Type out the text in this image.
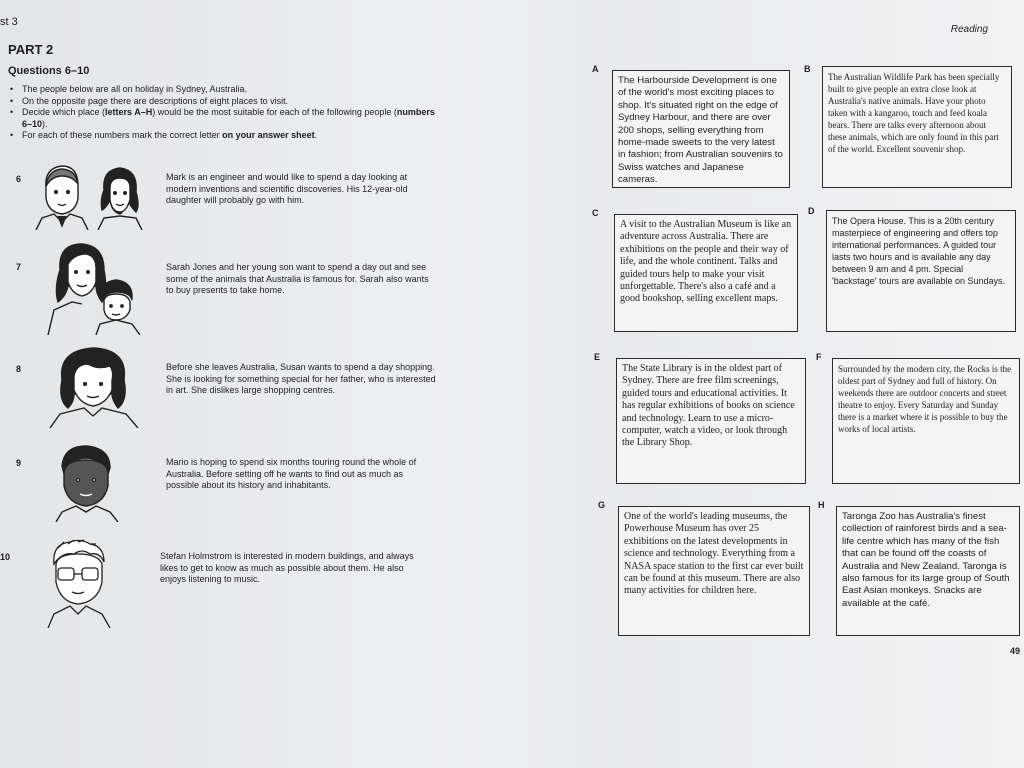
st 3
PART 2
Questions 6–10
• The people below are all on holiday in Sydney, Australia.
• On the opposite page there are descriptions of eight places to visit.
• Decide which place (letters A–H) would be the most suitable for each of the following people (numbers 6–10).
• For each of these numbers mark the correct letter on your answer sheet.
6	Mark is an engineer and would like to spend a day looking at modern inventions and scientific discoveries. His 12-year-old daughter will probably go with him.
7	Sarah Jones and her young son want to spend a day out and see some of the animals that Australia is famous for. Sarah also wants to buy presents to take home.
8	Before she leaves Australia, Susan wants to spend a day shopping. She is looking for something special for her father, who is interested in art. She dislikes large shopping centres.
9	Mario is hoping to spend six months touring round the whole of Australia. Before setting off he wants to find out as much as possible about its history and inhabitants.
10	Stefan Holmstrom is interested in modern buildings, and always likes to get to know as much as possible about them. He also enjoys listening to music.
Reading
A
The Harbourside Development is one of the world's most exciting places to shop. It's situated right on the edge of Sydney Harbour, and there are over 200 shops, selling everything from home-made sweets to the very latest in fashion; from Australian souvenirs to Swiss watches and Japanese cameras.
B
The Australian Wildlife Park has been specially built to give people an extra close look at Australia's native animals. Have your photo taken with a kangaroo, touch and feed koala bears. There are talks every afternoon about these animals, which are only found in this part of the world. Excellent souvenir shop.
C
A visit to the Australian Museum is like an adventure across Australia. There are exhibitions on the people and their way of life, and the whole continent. Talks and guided tours help to make your visit unforgettable. There's also a café and a good bookshop, selling excellent maps.
D
The Opera House. This is a 20th century masterpiece of engineering and offers top international performances. A guided tour lasts two hours and is available any day between 9 am and 4 pm. Special 'backstage' tours are available on Sundays.
E
The State Library is in the oldest part of Sydney. There are free film screenings, guided tours and educational activities. It has regular exhibitions of books on science and technology. Learn to use a micro-computer, watch a video, or look through the Library Shop.
F
Surrounded by the modern city, the Rocks is the oldest part of Sydney and full of history. On weekends there are outdoor concerts and street theatre to enjoy. Every Saturday and Sunday there is a market where it is possible to buy the works of local artists.
G
One of the world's leading museums, the Powerhouse Museum has over 25 exhibitions on the latest developments in science and technology. Everything from a NASA space station to the first car ever built can be found at this museum. There are also many activities for children here.
H
Taronga Zoo has Australia's finest collection of rainforest birds and a sea-life centre which has many of the fish that can be found off the coasts of Australia and New Zealand. Taronga is also famous for its large group of South East Asian monkeys. Snacks are available at the café.
49
